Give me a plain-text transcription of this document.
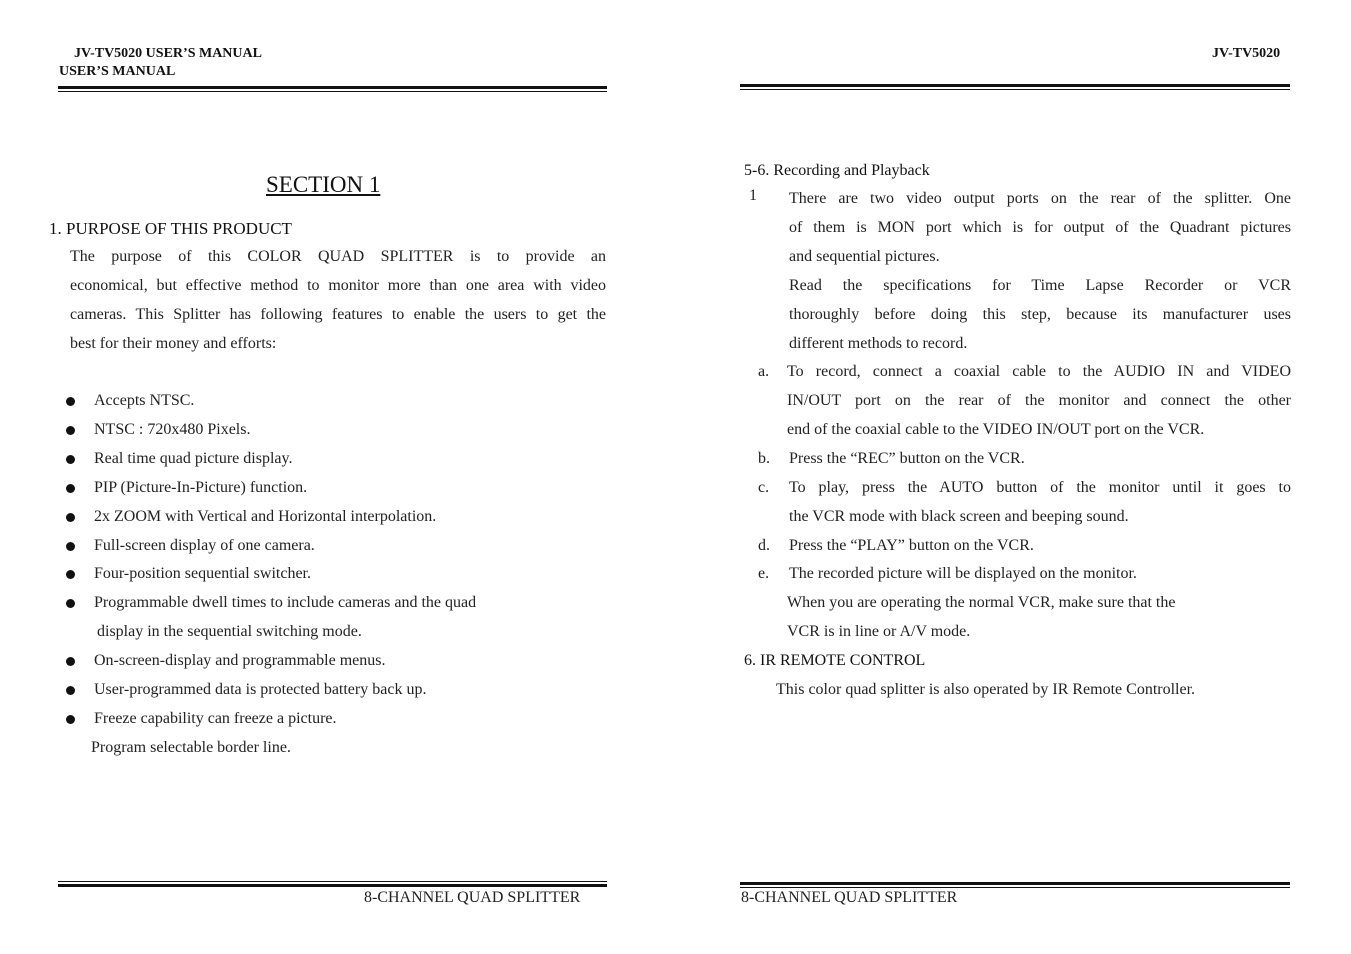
JV-TV5020 USER’S MANUAL
USER’S MANUAL
SECTION 1
1. PURPOSE OF THIS PRODUCT
The purpose of this COLOR QUAD SPLITTER is to provide an
economical, but effective method to monitor more than one area with video
cameras. This Splitter has following features to enable the users to get the
best for their money and efforts:
Accepts NTSC.
NTSC : 720x480 Pixels.
Real time quad picture display.
PIP (Picture-In-Picture) function.
2x ZOOM with Vertical and Horizontal interpolation.
Full-screen display of one camera.
Four-position sequential switcher.
Programmable dwell times to include cameras and the quad
display in the sequential switching mode.
On-screen-display and programmable menus.
User-programmed data is protected battery back up.
Freeze capability can freeze a picture.
Program selectable border line.
8-CHANNEL QUAD SPLITTER
JV-TV5020
5-6. Recording and Playback
1 There are two video output ports on the rear of the splitter. One
of them is MON port which is for output of the Quadrant pictures
and sequential pictures.
Read the specifications for Time Lapse Recorder or VCR
thoroughly before doing this step, because its manufacturer uses
different methods to record.
a. To record, connect a coaxial cable to the AUDIO IN and VIDEO
IN/OUT port on the rear of the monitor and connect the other
end of the coaxial cable to the VIDEO IN/OUT port on the VCR.
b. Press the “REC” button on the VCR.
c. To play, press the AUTO button of the monitor until it goes to
the VCR mode with black screen and beeping sound.
d. Press the “PLAY” button on the VCR.
e. The recorded picture will be displayed on the monitor.
When you are operating the normal VCR, make sure that the
VCR is in line or A/V mode.
6. IR REMOTE CONTROL
This color quad splitter is also operated by IR Remote Controller.
8-CHANNEL QUAD SPLITTER
